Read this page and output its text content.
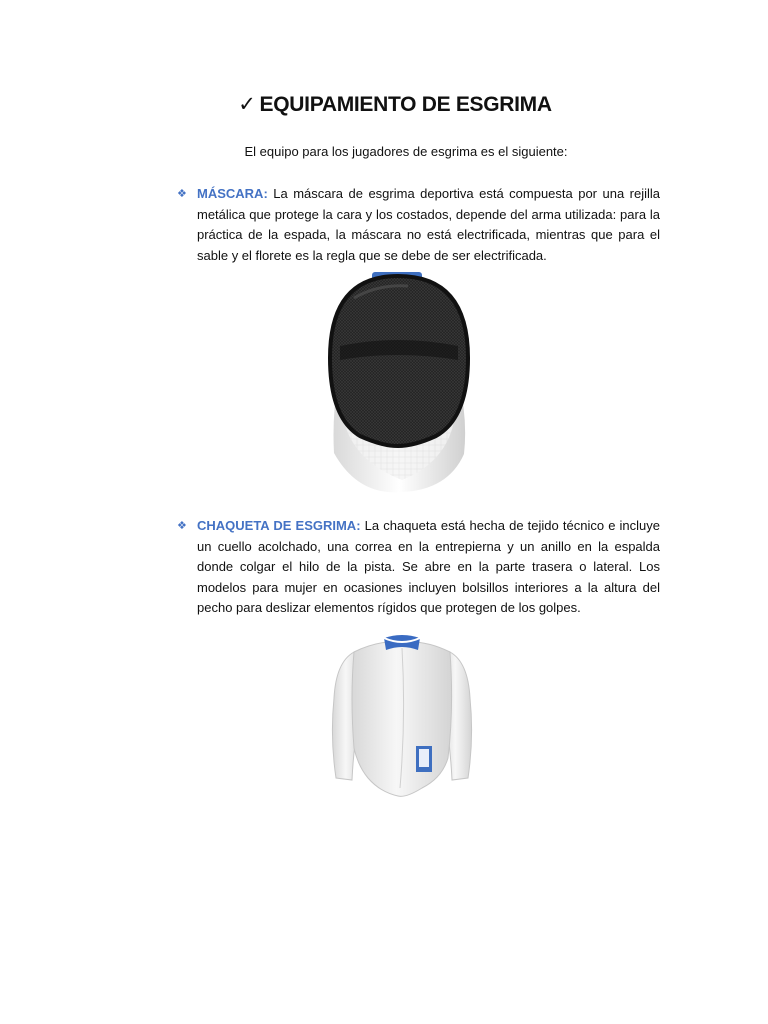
✓ EQUIPAMIENTO DE ESGRIMA
El equipo para los jugadores de esgrima es el siguiente:
❖ MÁSCARA: La máscara de esgrima deportiva está compuesta por una rejilla metálica que protege la cara y los costados, depende del arma utilizada: para la práctica de la espada, la máscara no está electrificada, mientras que para el sable y el florete es la regla que se debe de ser electrificada.
❖ CHAQUETA DE ESGRIMA: La chaqueta está hecha de tejido técnico e incluye un cuello acolchado, una correa en la entrepierna y un anillo en la espalda donde colgar el hilo de la pista. Se abre en la parte trasera o lateral. Los modelos para mujer en ocasiones incluyen bolsillos interiores a la altura del pecho para deslizar elementos rígidos que protegen de los golpes.
